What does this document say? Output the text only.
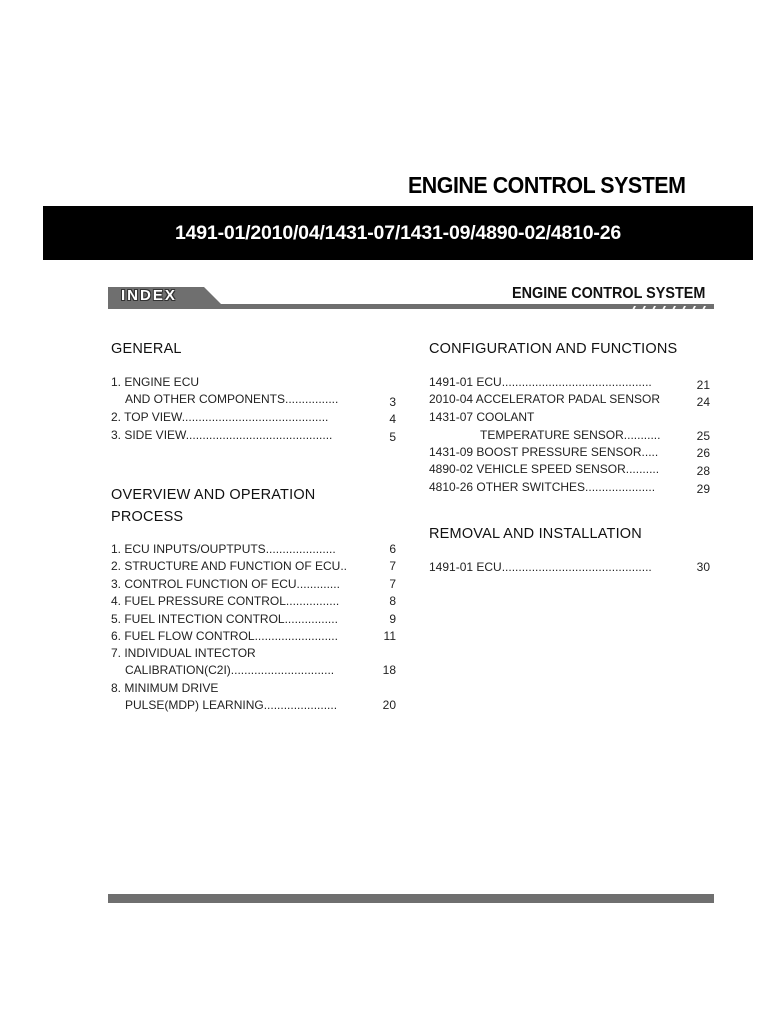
ENGINE CONTROL SYSTEM
1491-01/2010/04/1431-07/1431-09/4890-02/4810-26
INDEX	ENGINE CONTROL SYSTEM
GENERAL
1. ENGINE ECU
AND OTHER COMPONENTS................	3
2. TOP VIEW............................................	4
3. SIDE VIEW............................................	5
OVERVIEW AND OPERATION
PROCESS
1. ECU INPUTS/OUPTPUTS.....................	6
2. STRUCTURE AND FUNCTION OF ECU..	7
3. CONTROL FUNCTION OF ECU.............	7
4. FUEL PRESSURE CONTROL................	8
5. FUEL INTECTION CONTROL................	9
6. FUEL FLOW CONTROL.........................	11
7. INDIVIDUAL INTECTOR
CALIBRATION(C2I)...............................	18
8. MINIMUM DRIVE
PULSE(MDP) LEARNING......................	20
CONFIGURATION AND FUNCTIONS
1491-01 ECU.............................................	21
2010-04 ACCELERATOR PADAL SENSOR	24
1431-07 COOLANT
TEMPERATURE SENSOR...........	25
1431-09 BOOST PRESSURE SENSOR.....	26
4890-02 VEHICLE SPEED SENSOR..........	28
4810-26 OTHER SWITCHES.....................	29
REMOVAL AND INSTALLATION
1491-01 ECU.............................................	30
